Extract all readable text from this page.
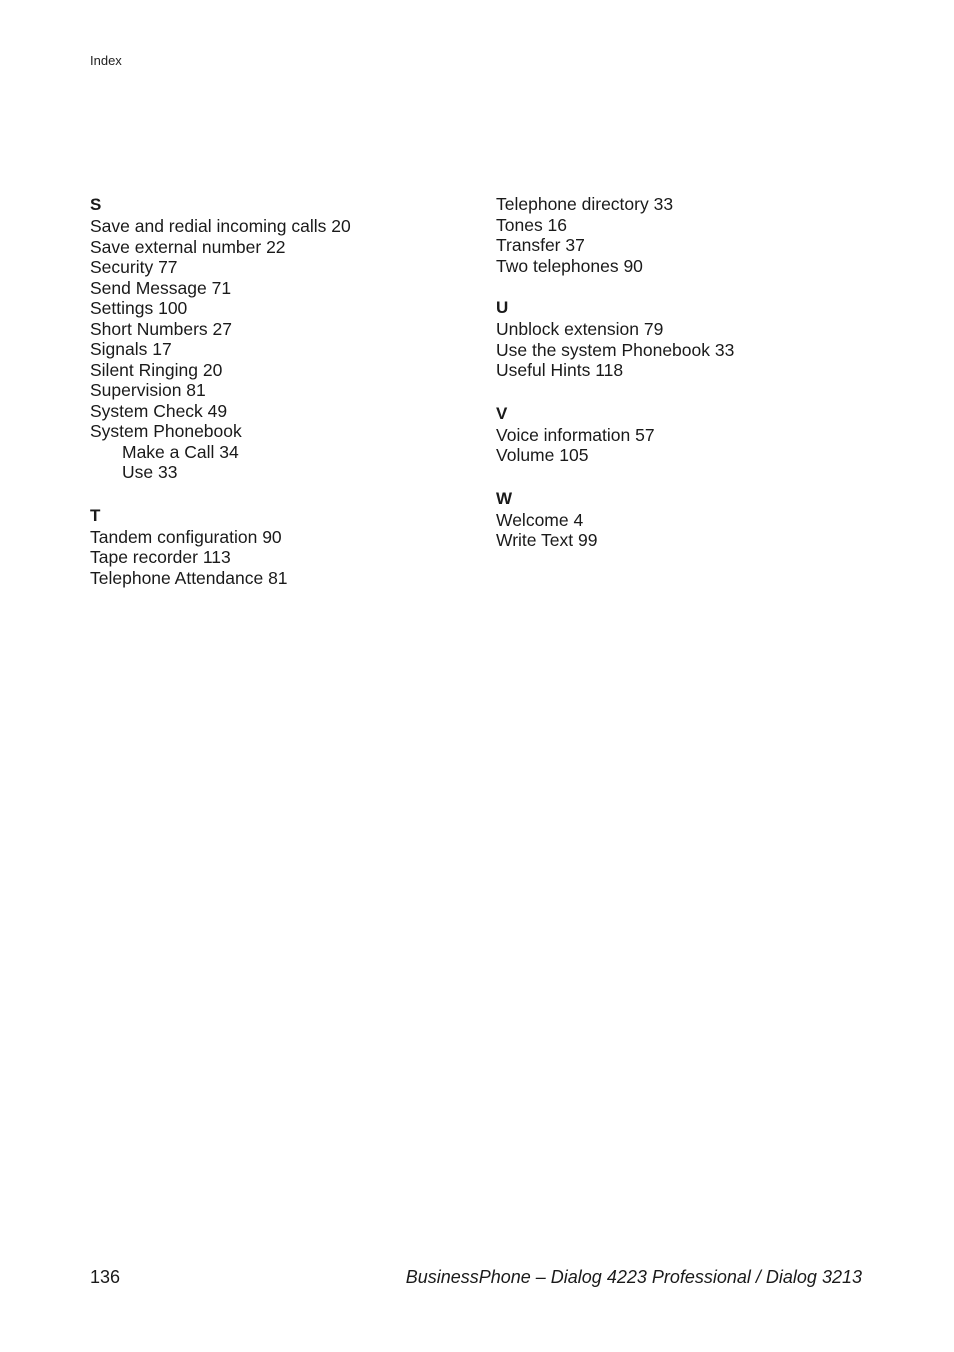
Index
S
Save and redial incoming calls 20
Save external number 22
Security 77
Send Message 71
Settings 100
Short Numbers 27
Signals 17
Silent Ringing 20
Supervision 81
System Check 49
System Phonebook
Make a Call 34
Use 33
T
Tandem configuration 90
Tape recorder 113
Telephone Attendance 81
Telephone directory 33
Tones 16
Transfer 37
Two telephones 90
U
Unblock extension 79
Use the system Phonebook 33
Useful Hints 118
V
Voice information 57
Volume 105
W
Welcome 4
Write Text 99
136	BusinessPhone – Dialog 4223 Professional / Dialog 3213
